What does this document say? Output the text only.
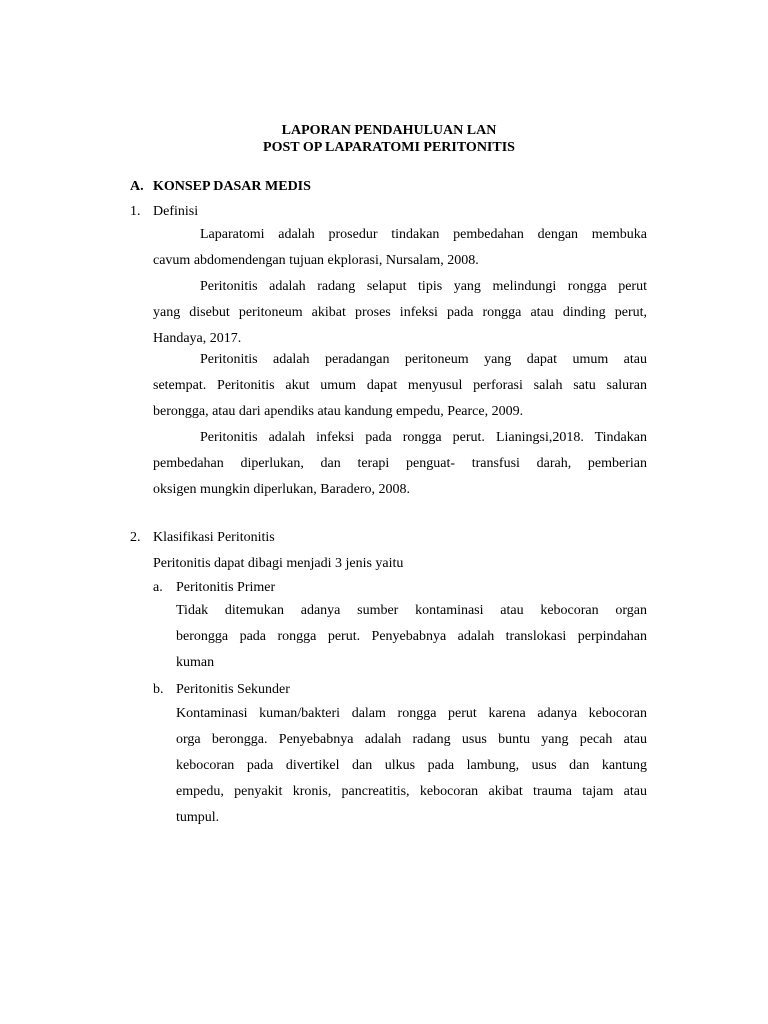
LAPORAN PENDAHULUAN LAN
POST OP LAPARATOMI PERITONITIS
A. KONSEP DASAR MEDIS
1. Definisi
Laparatomi adalah prosedur tindakan pembedahan dengan membuka
cavum abdomendengan tujuan ekplorasi, Nursalam, 2008.
Peritonitis adalah radang selaput tipis yang melindungi rongga perut
yang disebut peritoneum akibat proses infeksi pada rongga atau dinding perut,
Handaya, 2017.
Peritonitis adalah peradangan peritoneum yang dapat umum atau
setempat. Peritonitis akut umum dapat menyusul perforasi salah satu saluran
berongga, atau dari apendiks atau kandung empedu, Pearce, 2009.
Peritonitis adalah infeksi pada rongga perut. Lianingsi,2018. Tindakan
pembedahan diperlukan, dan terapi penguat- transfusi darah, pemberian
oksigen mungkin diperlukan, Baradero, 2008.
2. Klasifikasi Peritonitis
Peritonitis dapat dibagi menjadi 3 jenis yaitu
a. Peritonitis Primer
Tidak ditemukan adanya sumber kontaminasi atau kebocoran organ
berongga pada rongga perut. Penyebabnya adalah translokasi perpindahan
kuman
b. Peritonitis Sekunder
Kontaminasi kuman/bakteri dalam rongga perut karena adanya kebocoran
orga berongga. Penyebabnya adalah radang usus buntu yang pecah atau
kebocoran pada divertikel dan ulkus pada lambung, usus dan kantung
empedu, penyakit kronis, pancreatitis, kebocoran akibat trauma tajam atau
tumpul.
